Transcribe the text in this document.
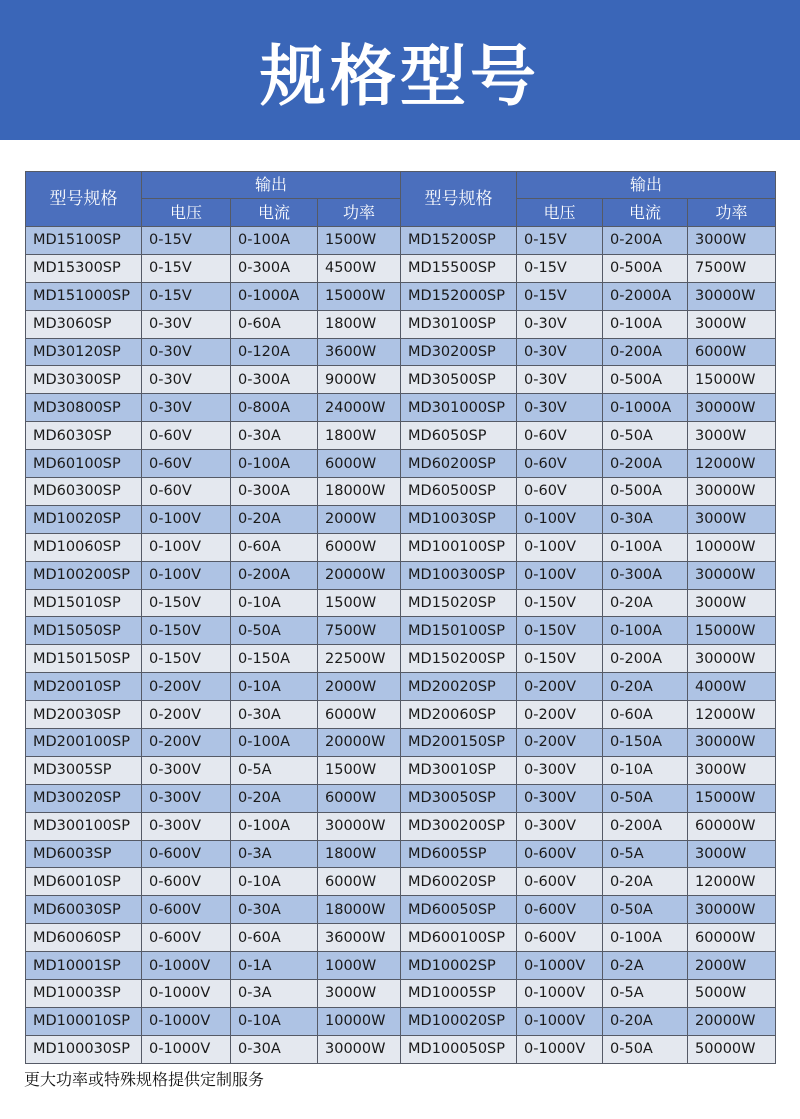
规格型号
型号规格	输出			型号规格	输出		
	电压	电流	功率		电压	电流	功率
MD15100SP	0-15V	0-100A	1500W	MD15200SP	0-15V	0-200A	3000W
MD15300SP	0-15V	0-300A	4500W	MD15500SP	0-15V	0-500A	7500W
MD151000SP	0-15V	0-1000A	15000W	MD152000SP	0-15V	0-2000A	30000W
MD3060SP	0-30V	0-60A	1800W	MD30100SP	0-30V	0-100A	3000W
MD30120SP	0-30V	0-120A	3600W	MD30200SP	0-30V	0-200A	6000W
MD30300SP	0-30V	0-300A	9000W	MD30500SP	0-30V	0-500A	15000W
MD30800SP	0-30V	0-800A	24000W	MD301000SP	0-30V	0-1000A	30000W
MD6030SP	0-60V	0-30A	1800W	MD6050SP	0-60V	0-50A	3000W
MD60100SP	0-60V	0-100A	6000W	MD60200SP	0-60V	0-200A	12000W
MD60300SP	0-60V	0-300A	18000W	MD60500SP	0-60V	0-500A	30000W
MD10020SP	0-100V	0-20A	2000W	MD10030SP	0-100V	0-30A	3000W
MD10060SP	0-100V	0-60A	6000W	MD100100SP	0-100V	0-100A	10000W
MD100200SP	0-100V	0-200A	20000W	MD100300SP	0-100V	0-300A	30000W
MD15010SP	0-150V	0-10A	1500W	MD15020SP	0-150V	0-20A	3000W
MD15050SP	0-150V	0-50A	7500W	MD150100SP	0-150V	0-100A	15000W
MD150150SP	0-150V	0-150A	22500W	MD150200SP	0-150V	0-200A	30000W
MD20010SP	0-200V	0-10A	2000W	MD20020SP	0-200V	0-20A	4000W
MD20030SP	0-200V	0-30A	6000W	MD20060SP	0-200V	0-60A	12000W
MD200100SP	0-200V	0-100A	20000W	MD200150SP	0-200V	0-150A	30000W
MD3005SP	0-300V	0-5A	1500W	MD30010SP	0-300V	0-10A	3000W
MD30020SP	0-300V	0-20A	6000W	MD30050SP	0-300V	0-50A	15000W
MD300100SP	0-300V	0-100A	30000W	MD300200SP	0-300V	0-200A	60000W
MD6003SP	0-600V	0-3A	1800W	MD6005SP	0-600V	0-5A	3000W
MD60010SP	0-600V	0-10A	6000W	MD60020SP	0-600V	0-20A	12000W
MD60030SP	0-600V	0-30A	18000W	MD60050SP	0-600V	0-50A	30000W
MD60060SP	0-600V	0-60A	36000W	MD600100SP	0-600V	0-100A	60000W
MD10001SP	0-1000V	0-1A	1000W	MD10002SP	0-1000V	0-2A	2000W
MD10003SP	0-1000V	0-3A	3000W	MD10005SP	0-1000V	0-5A	5000W
MD100010SP	0-1000V	0-10A	10000W	MD100020SP	0-1000V	0-20A	20000W
MD100030SP	0-1000V	0-30A	30000W	MD100050SP	0-1000V	0-50A	50000W
更大功率或特殊规格提供定制服务
